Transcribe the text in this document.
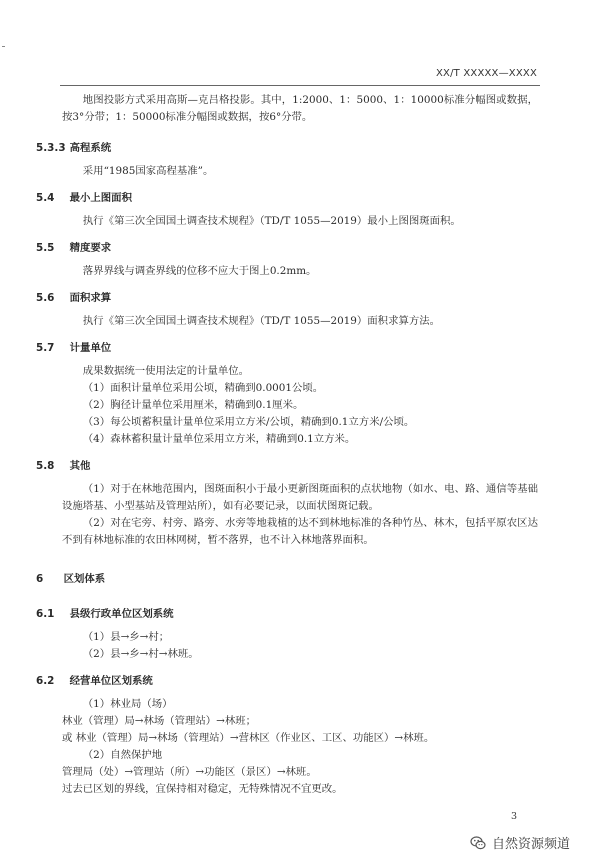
XX/T XXXXX—XXXX

地图投影方式采用高斯—克吕格投影。其中，1:2000、1：5000、1：10000标准分幅图或数据，按3°分带；1：50000标准分幅图或数据，按6°分带。

5.3.3 高程系统

采用“1985国家高程基准”。

5.4 最小上图面积

执行《第三次全国国土调查技术规程》（TD/T 1055—2019）最小上图图斑面积。

5.5 精度要求

落界界线与调查界线的位移不应大于图上0.2mm。

5.6 面积求算

执行《第三次全国国土调查技术规程》（TD/T 1055—2019）面积求算方法。

5.7 计量单位

成果数据统一使用法定的计量单位。

（1）面积计量单位采用公顷，精确到0.0001公顷。

（2）胸径计量单位采用厘米，精确到0.1厘米。

（3）每公顷蓄积量计量单位采用立方米/公顷，精确到0.1立方米/公顷。

（4）森林蓄积量计量单位采用立方米，精确到0.1立方米。

5.8 其他

（1）对于在林地范围内，图斑面积小于最小更新图斑面积的点状地物（如水、电、路、通信等基础设施塔基、小型基站及管理站所），如有必要记录，以面状图斑记载。

（2）对在宅旁、村旁、路旁、水旁等地栽植的达不到林地标准的各种竹丛、林木，包括平原农区达不到有林地标准的农田林网树，暂不落界，也不计入林地落界面积。

6 区划体系
6.1 县级行政单位区划系统

（1）县→乡→村；

（2）县→乡→村→林班。

6.2 经营单位区划系统

（1）林业局（场）

林业（管理）局→林场（管理站）→林班；

或 林业（管理）局→林场（管理站）→营林区（作业区、工区、功能区）→林班。

（2）自然保护地

管理局（处）→管理站（所）→功能区（景区）→林班。

过去已区划的界线，宜保持相对稳定，无特殊情况不宜更改。

3
自然资源频道
